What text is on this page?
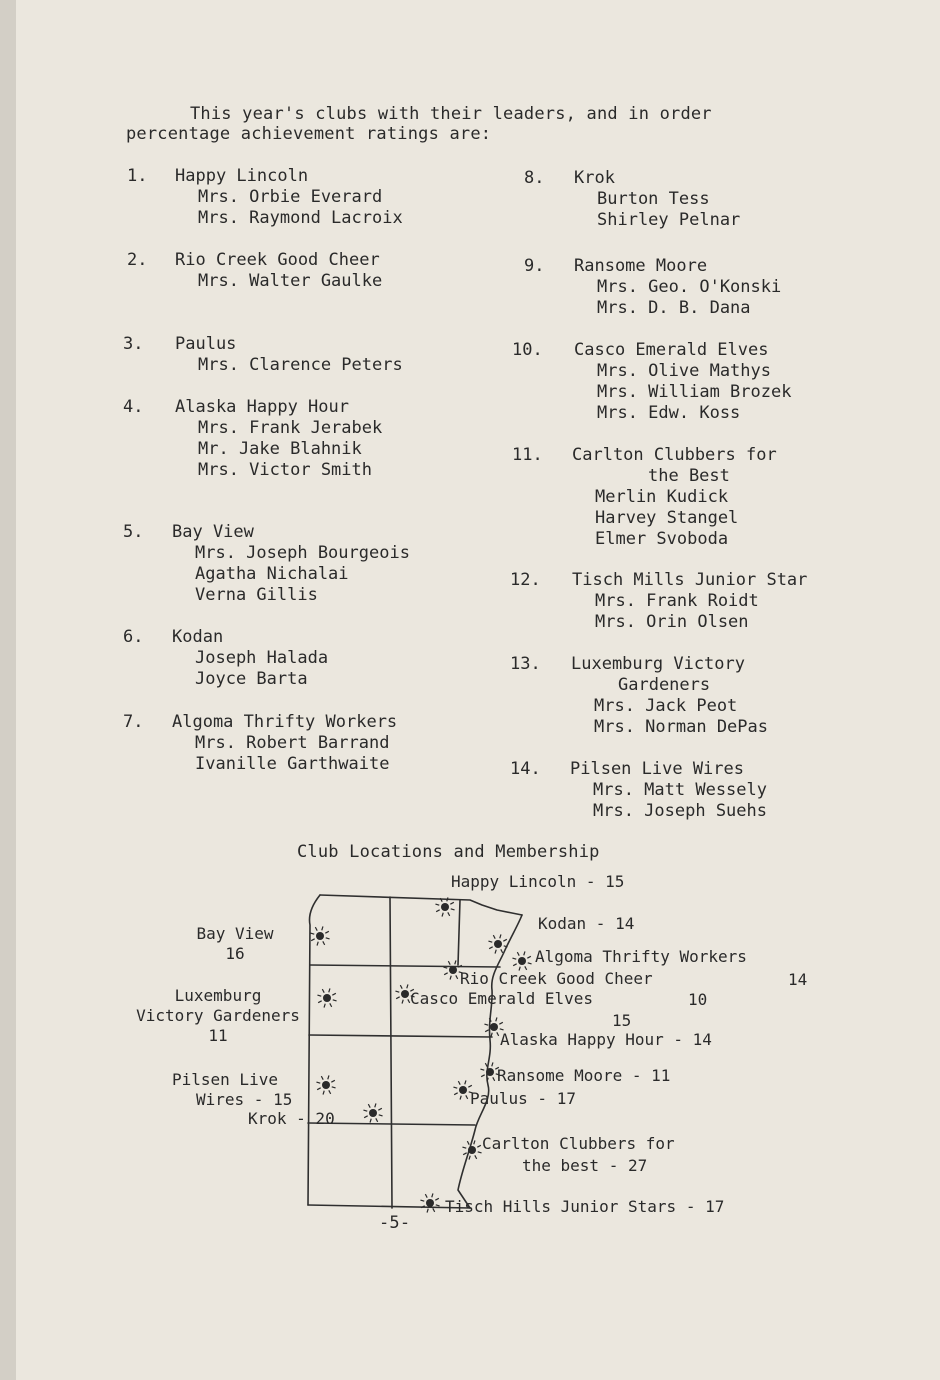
This year's clubs with their leaders, and in order
percentage achievement ratings are:
1. Happy Lincoln
Mrs. Orbie Everard
Mrs. Raymond Lacroix
2. Rio Creek Good Cheer
Mrs. Walter Gaulke
3. Paulus
Mrs. Clarence Peters
4. Alaska Happy Hour
Mrs. Frank Jerabek
Mr. Jake Blahnik
Mrs. Victor Smith
5. Bay View
Mrs. Joseph Bourgeois
Agatha Nichalai
Verna Gillis
6. Kodan
Joseph Halada
Joyce Barta
7. Algoma Thrifty Workers
Mrs. Robert Barrand
Ivanille Garthwaite
8. Krok
Burton Tess
Shirley Pelnar
9. Ransome Moore
Mrs. Geo. O'Konski
Mrs. D. B. Dana
10. Casco Emerald Elves
Mrs. Olive Mathys
Mrs. William Brozek
Mrs. Edw. Koss
11. Carlton Clubbers for
the Best
Merlin Kudick
Harvey Stangel
Elmer Svoboda
12. Tisch Mills Junior Star
Mrs. Frank Roidt
Mrs. Orin Olsen
13. Luxemburg Victory
Gardeners
Mrs. Jack Peot
Mrs. Norman DePas
14. Pilsen Live Wires
Mrs. Matt Wessely
Mrs. Joseph Suehs
Club Locations and Membership
Happy Lincoln - 15
Kodan - 14
Algoma Thrifty Workers
14
Rio Creek Good Cheer
Casco Emerald Elves	10
15
Alaska Happy Hour - 14
Ransome Moore - 11
Paulus - 17
Carlton Clubbers for
the best - 27
Tisch Hills Junior Stars - 17
Bay View
16
Luxemburg
Victory Gardeners
11
Pilsen Live
Wires - 15
Krok - 20
-5-
